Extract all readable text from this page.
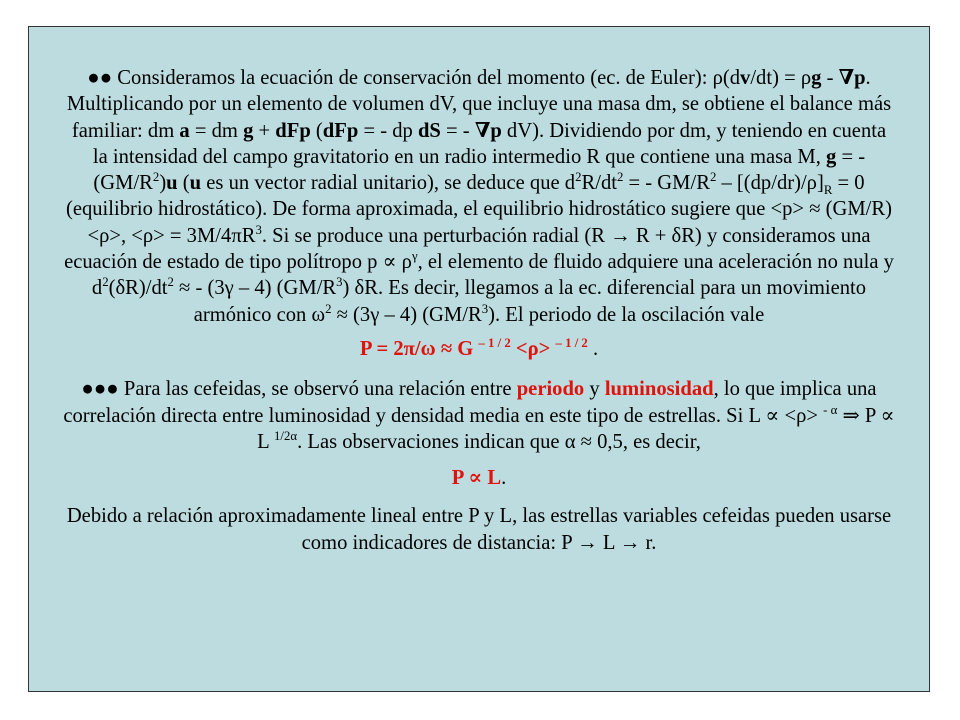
●● Consideramos la ecuación de conservación del momento (ec. de Euler): ρ(dv/dt) = ρg - ∇p. Multiplicando por un elemento de volumen dV, que incluye una masa dm, se obtiene el balance más familiar: dm a = dm g + dFp (dFp = - dp dS = - ∇p dV). Dividiendo por dm, y teniendo en cuenta la intensidad del campo gravitatorio en un radio intermedio R que contiene una masa M, g = - $(GM/R^2)u$ (u es un vector radial unitario), se deduce que $d^2R/dt^2$ = - $GM/R^2 - [(dp/dr)/\rho]_R = 0$ (equilibrio hidrostático). De forma aproximada, el equilibrio hidrostático sugiere que <p> ≈ (GM/R)<ρ>, $<\rho> = 3M/4\pi R^3$. Si se produce una perturbación radial (R → R + δR) y consideramos una ecuación de estado de tipo polítropo $p \propto \rho^\gamma$, el elemento de fluido adquiere una aceleración no nula y $d^2(\delta R)/dt^2$ ≈ - (3γ – 4) $(GM/R^3)$ δR. Es decir, llegamos a la ec. diferencial para un movimiento armónico con $\omega^2 \approx (3\gamma - 4)$ $(GM/R^3)$. El periodo de la oscilación vale

P = 2π/ω ≈ G $^{- 1 / 2}$ <ρ> $^{- 1 / 2}$ .

●●● Para las cefeidas, se observó una relación entre periodo y luminosidad, lo que implica una correlación directa entre luminosidad y densidad media en este tipo de estrellas. Si L ∝ <ρ> $^{- \alpha}$ ⇒ P ∝ L $^{1/2\alpha}$. Las observaciones indican que α ≈ 0,5, es decir,

P ∝ L.

Debido a relación aproximadamente lineal entre P y L, las estrellas variables cefeidas pueden usarse como indicadores de distancia: P → L → r.
